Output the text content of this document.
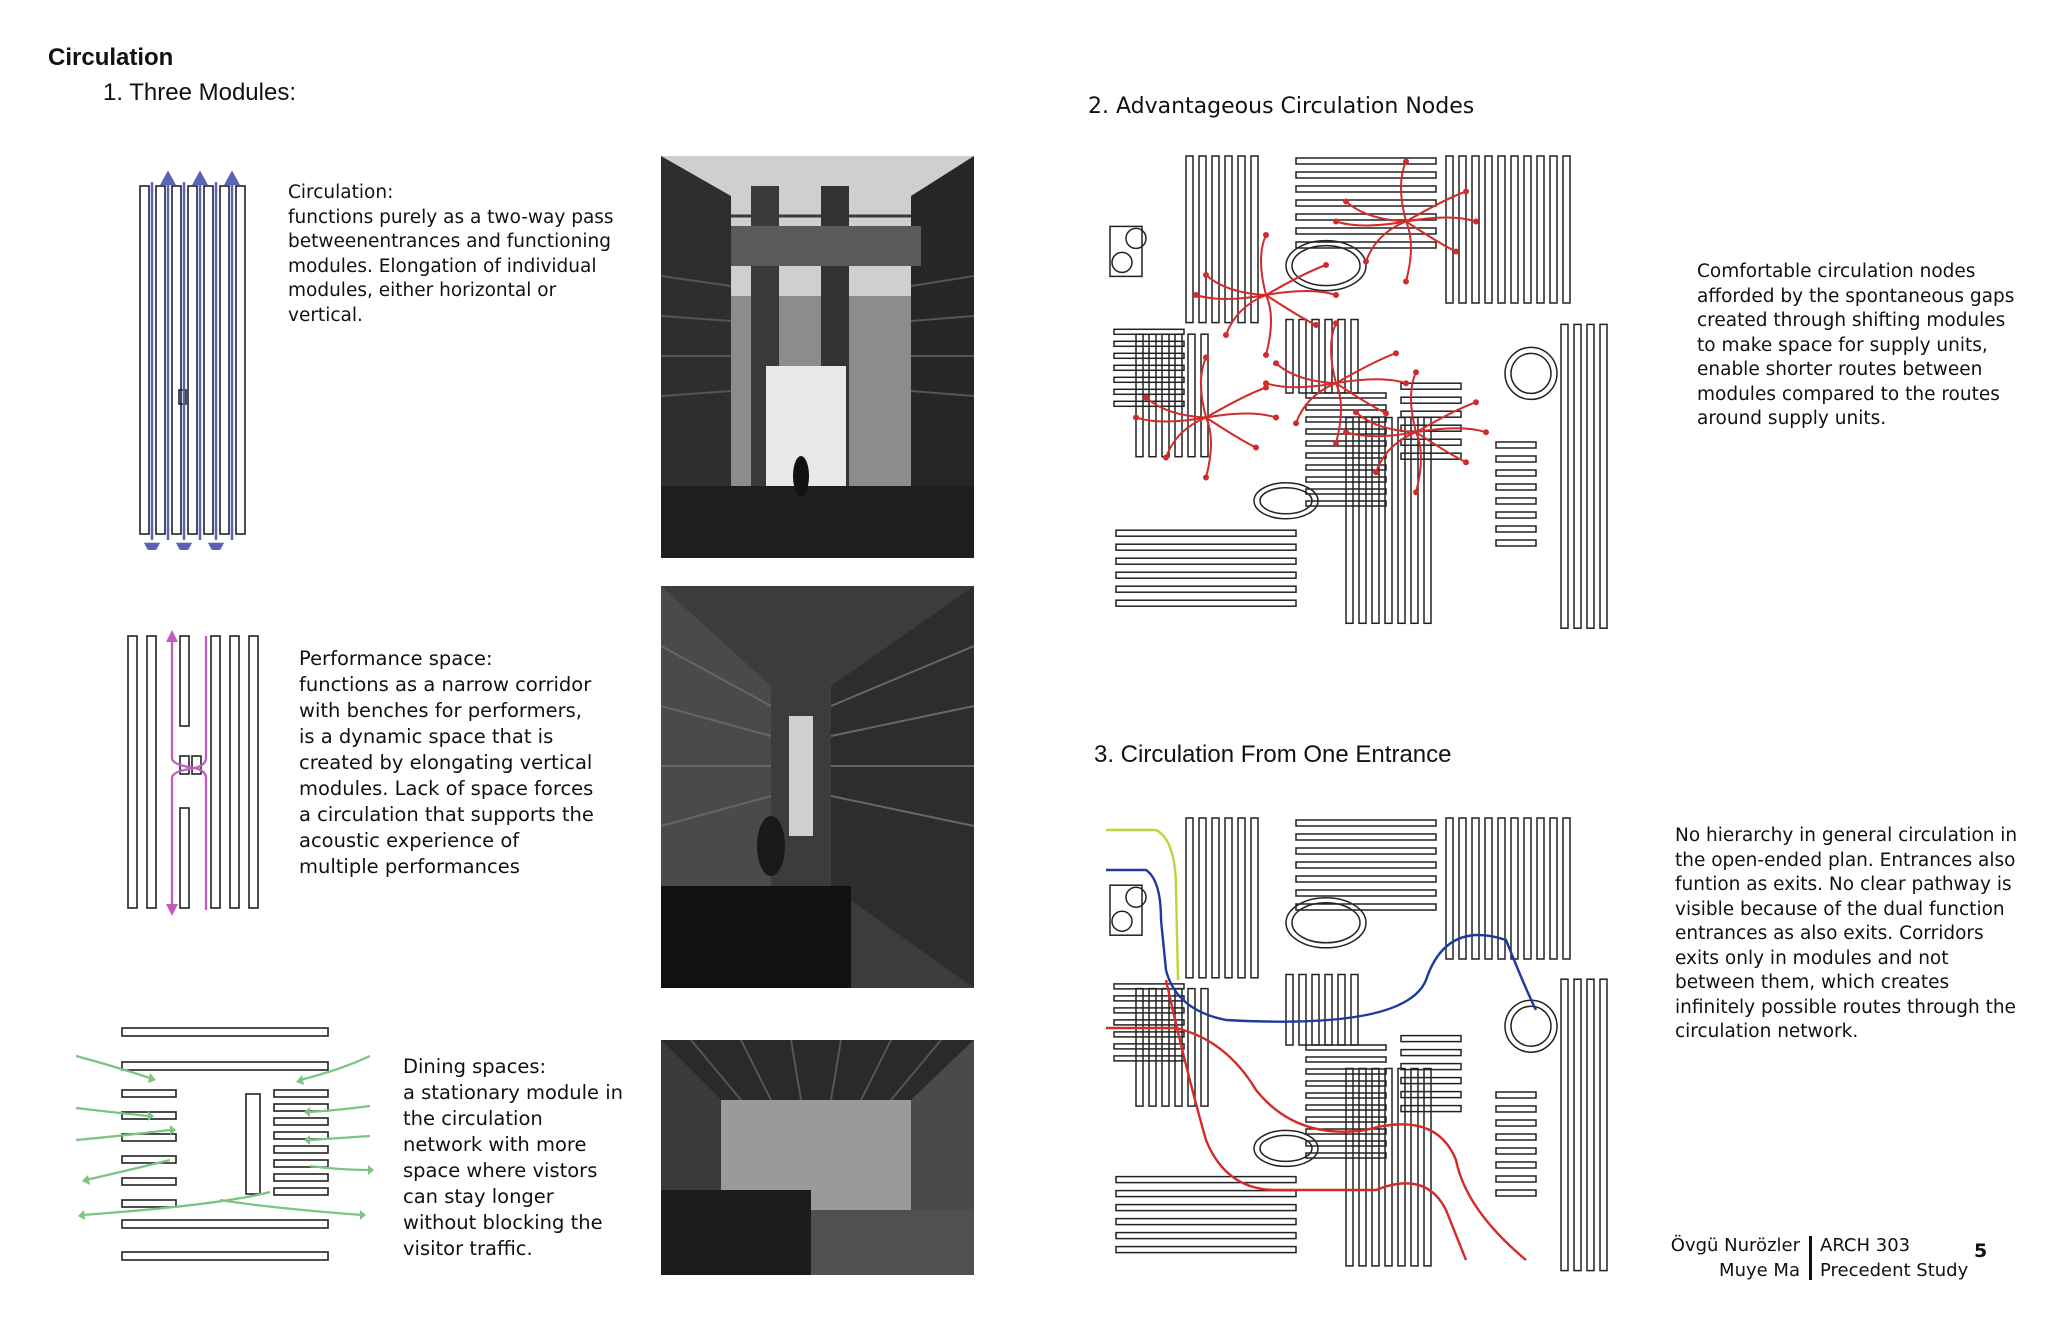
Circulation
1. Three Modules:
2. Advantageous Circulation Nodes
3. Circulation From One Entrance
Circulation:
functions purely as a two-way pass betweenentrances and functioning modules. Elongation of individual modules, either horizontal or vertical.
Performance space:
functions as a narrow corridor with benches for performers, is a dynamic space that is created by elongating vertical modules. Lack of space forces a circulation that supports the acoustic experience of multiple performances
Dining spaces:
a stationary module in the circulation network with more space where vistors can stay longer without blocking the visitor traffic.
Comfortable circulation nodes afforded by the spontaneous gaps created through shifting modules to make space for supply units, enable shorter routes between modules compared to the routes around supply units.
No hierarchy in general circulation in the open-ended plan. Entrances also funtion as exits. No clear pathway is visible because of the dual function entrances as also exits. Corridors exits only in modules and not between them, which creates infinitely possible routes through the circulation network.
Övgü Nurözler
Muye Ma
ARCH 303
Precedent Study
5
